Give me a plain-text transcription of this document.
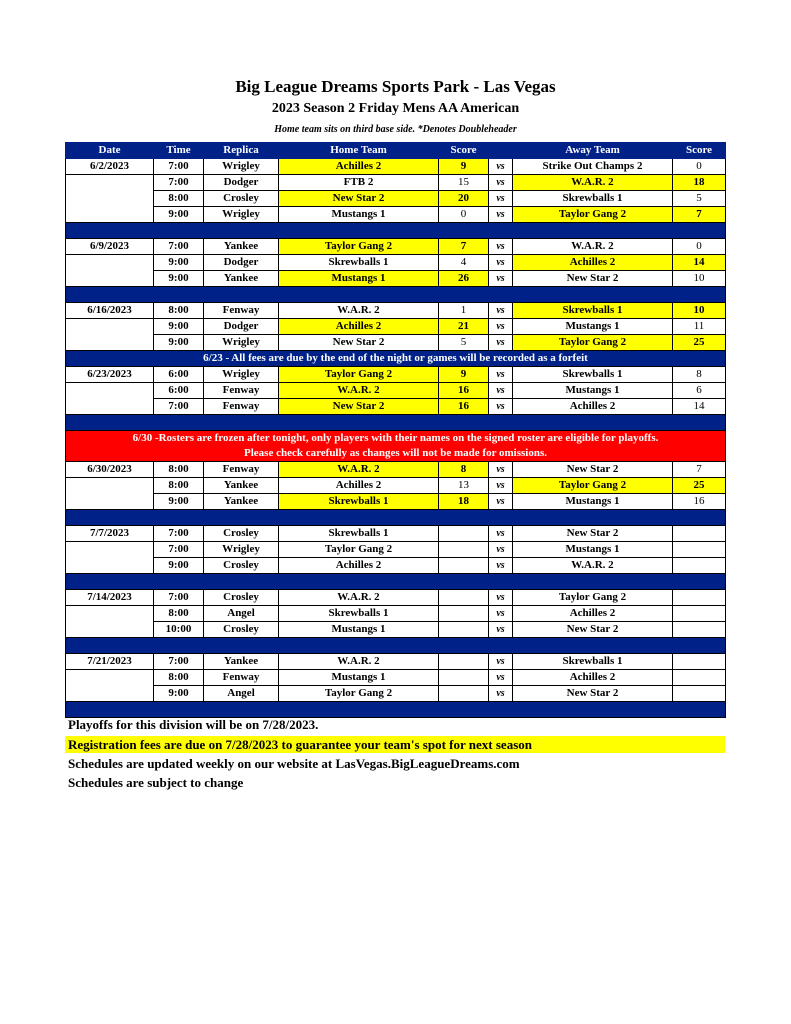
Big League Dreams Sports Park - Las Vegas
2023 Season 2 Friday Mens AA American
Home team sits on third base side. *Denotes Doubleheader
Date	Time	Replica	Home Team	Score		Away Team	Score
6/2/2023	7:00	Wrigley	Achilles 2	9	vs	Strike Out Champs 2	0
	7:00	Dodger	FTB 2	15	vs	W.A.R. 2	18
	8:00	Crosley	New Star 2	20	vs	Skrewballs 1	5
	9:00	Wrigley	Mustangs 1	0	vs	Taylor Gang 2	7

6/9/2023	7:00	Yankee	Taylor Gang 2	7	vs	W.A.R. 2	0
	9:00	Dodger	Skrewballs 1	4	vs	Achilles 2	14
	9:00	Yankee	Mustangs 1	26	vs	New Star 2	10

6/16/2023	8:00	Fenway	W.A.R. 2	1	vs	Skrewballs 1	10
	9:00	Dodger	Achilles 2	21	vs	Mustangs 1	11
	9:00	Wrigley	New Star 2	5	vs	Taylor Gang 2	25
6/23 - All fees are due by the end of the night or games will be recorded as a forfeit							
6/23/2023	6:00	Wrigley	Taylor Gang 2	9	vs	Skrewballs 1	8
	6:00	Fenway	W.A.R. 2	16	vs	Mustangs 1	6
	7:00	Fenway	New Star 2	16	vs	Achilles 2	14

6/30 -Rosters are frozen after tonight, only players with their names on the signed roster are eligible for playoffs.
Please check carefully as changes will not be made for omissions.							

6/30/2023	8:00	Fenway	W.A.R. 2	8	vs	New Star 2	7
	8:00	Yankee	Achilles 2	13	vs	Taylor Gang 2	25
	9:00	Yankee	Skrewballs 1	18	vs	Mustangs 1	16

7/7/2023	7:00	Crosley	Skrewballs 1		vs	New Star 2	
	7:00	Wrigley	Taylor Gang 2		vs	Mustangs 1	
	9:00	Crosley	Achilles 2		vs	W.A.R. 2	

7/14/2023	7:00	Crosley	W.A.R. 2		vs	Taylor Gang 2	
	8:00	Angel	Skrewballs 1		vs	Achilles 2	
	10:00	Crosley	Mustangs 1		vs	New Star 2	

7/21/2023	7:00	Yankee	W.A.R. 2		vs	Skrewballs 1	
	8:00	Fenway	Mustangs 1		vs	Achilles 2	
	9:00	Angel	Taylor Gang 2		vs	New Star 2	

Playoffs for this division will be on 7/28/2023.
Registration fees are due on 7/28/2023 to guarantee your team's spot for next season
Schedules are updated weekly on our website at LasVegas.BigLeagueDreams.com
Schedules are subject to change
